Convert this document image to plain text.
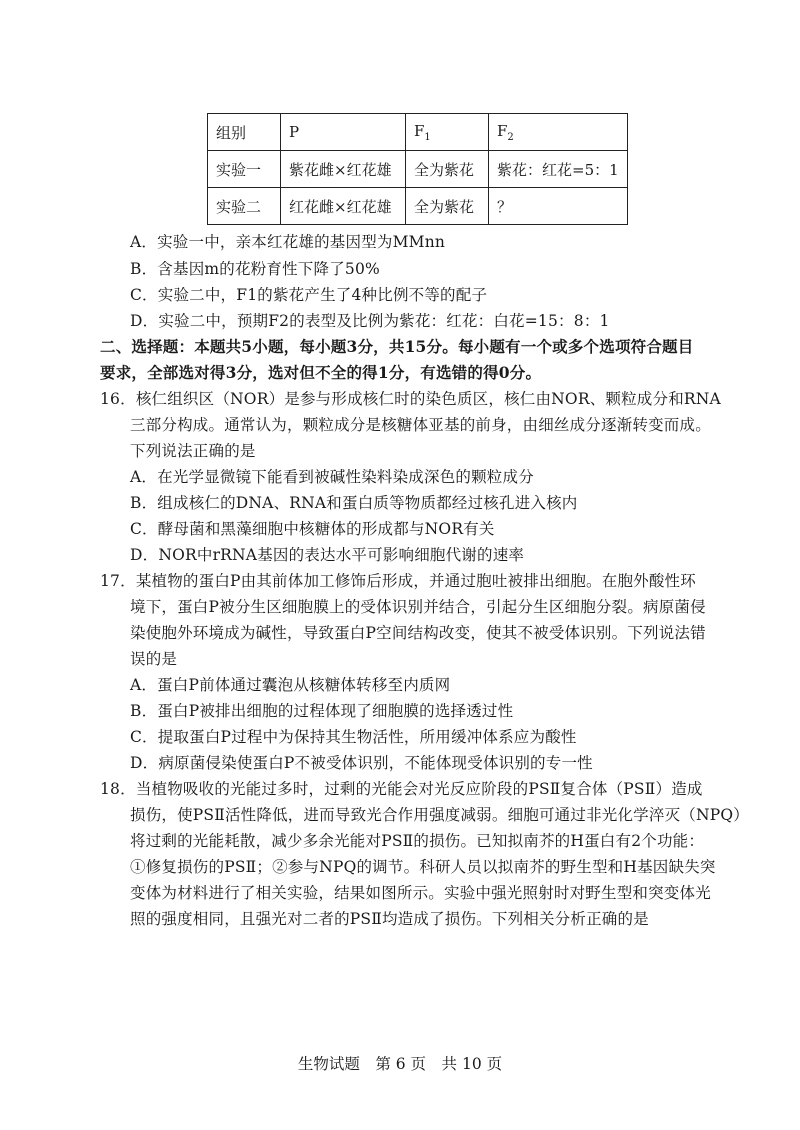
组别	P	$F_1$	$F_2$
实验一	紫花雌×红花雄	全为紫花	紫花：红花=5：1
实验二	红花雌×红花雄	全为紫花	？
A．实验一中，亲本红花雄的基因型为MMnn
B．含基因m的花粉育性下降了50%
C．实验二中，F1的紫花产生了4种比例不等的配子
D．实验二中，预期F2的表型及比例为紫花：红花：白花=15：8：1
二、选择题：本题共5小题，每小题3分，共15分。每小题有一个或多个选项符合题目
要求，全部选对得3分，选对但不全的得1分，有选错的得0分。
16．核仁组织区（NOR）是参与形成核仁时的染色质区，核仁由NOR、颗粒成分和RNA
三部分构成。通常认为，颗粒成分是核糖体亚基的前身，由细丝成分逐渐转变而成。
下列说法正确的是
A．在光学显微镜下能看到被碱性染料染成深色的颗粒成分
B．组成核仁的DNA、RNA和蛋白质等物质都经过核孔进入核内
C．酵母菌和黑藻细胞中核糖体的形成都与NOR有关
D．NOR中rRNA基因的表达水平可影响细胞代谢的速率
17．某植物的蛋白P由其前体加工修饰后形成，并通过胞吐被排出细胞。在胞外酸性环
境下，蛋白P被分生区细胞膜上的受体识别并结合，引起分生区细胞分裂。病原菌侵
染使胞外环境成为碱性，导致蛋白P空间结构改变，使其不被受体识别。下列说法错
误的是
A．蛋白P前体通过囊泡从核糖体转移至内质网
B．蛋白P被排出细胞的过程体现了细胞膜的选择透过性
C．提取蛋白P过程中为保持其生物活性，所用缓冲体系应为酸性
D．病原菌侵染使蛋白P不被受体识别，不能体现受体识别的专一性
18．当植物吸收的光能过多时，过剩的光能会对光反应阶段的PSⅡ复合体（PSⅡ）造成
损伤，使PSⅡ活性降低，进而导致光合作用强度减弱。细胞可通过非光化学淬灭（NPQ）
将过剩的光能耗散，减少多余光能对PSⅡ的损伤。已知拟南芥的H蛋白有2个功能：
①修复损伤的PSⅡ；②参与NPQ的调节。科研人员以拟南芥的野生型和H基因缺失突
变体为材料进行了相关实验，结果如图所示。实验中强光照射时对野生型和突变体光
照的强度相同，且强光对二者的PSⅡ均造成了损伤。下列相关分析正确的是
生物试题　第 6 页　共 10 页
